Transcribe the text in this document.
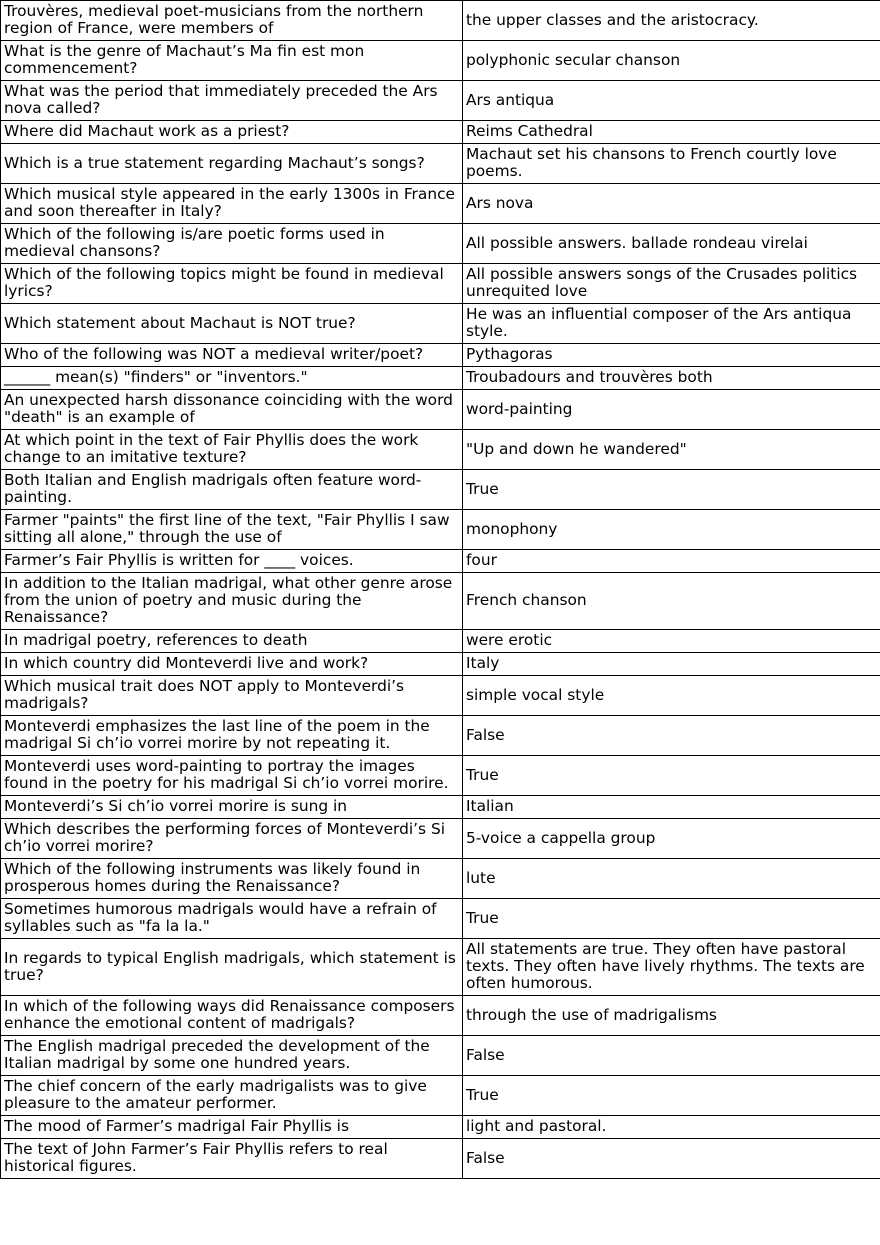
Trouvères, medieval poet-musicians from the northern region of France, were members of	the upper classes and the aristocracy.
What is the genre of Machaut’s Ma fin est mon commencement?	polyphonic secular chanson
What was the period that immediately preceded the Ars nova called?	Ars antiqua
Where did Machaut work as a priest?	Reims Cathedral
Which is a true statement regarding Machaut’s songs?	Machaut set his chansons to French courtly love poems.
Which musical style appeared in the early 1300s in France and soon thereafter in Italy?	Ars nova
Which of the following is/are poetic forms used in medieval chansons?	All possible answers. ballade rondeau virelai
Which of the following topics might be found in medieval lyrics?	All possible answers songs of the Crusades politics unrequited love
Which statement about Machaut is NOT true?	He was an influential composer of the Ars antiqua style.
Who of the following was NOT a medieval writer/poet?	Pythagoras
______ mean(s) "finders" or "inventors."	Troubadours and trouvères both
An unexpected harsh dissonance coinciding with the word "death" is an example of	word-painting
At which point in the text of Fair Phyllis does the work change to an imitative texture?	"Up and down he wandered"
Both Italian and English madrigals often feature word-painting.	True
Farmer "paints" the first line of the text, "Fair Phyllis I saw sitting all alone," through the use of	monophony
Farmer’s Fair Phyllis is written for ____ voices.	four
In addition to the Italian madrigal, what other genre arose from the union of poetry and music during the Renaissance?	French chanson
In madrigal poetry, references to death	were erotic
In which country did Monteverdi live and work?	Italy
Which musical trait does NOT apply to Monteverdi’s madrigals?	simple vocal style
Monteverdi emphasizes the last line of the poem in the madrigal Si ch’io vorrei morire by not repeating it.	False
Monteverdi uses word-painting to portray the images found in the poetry for his madrigal Si ch’io vorrei morire.	True
Monteverdi’s Si ch’io vorrei morire is sung in	Italian
Which describes the performing forces of Monteverdi’s Si ch’io vorrei morire?	5-voice a cappella group
Which of the following instruments was likely found in prosperous homes during the Renaissance?	lute
Sometimes humorous madrigals would have a refrain of syllables such as "fa la la."	True
In regards to typical English madrigals, which statement is true?	All statements are true. They often have pastoral texts. They often have lively rhythms. The texts are often humorous.
In which of the following ways did Renaissance composers enhance the emotional content of madrigals?	through the use of madrigalisms
The English madrigal preceded the development of the Italian madrigal by some one hundred years.	False
The chief concern of the early madrigalists was to give pleasure to the amateur performer.	True
The mood of Farmer’s madrigal Fair Phyllis is	light and pastoral.
The text of John Farmer’s Fair Phyllis refers to real historical figures.	False
